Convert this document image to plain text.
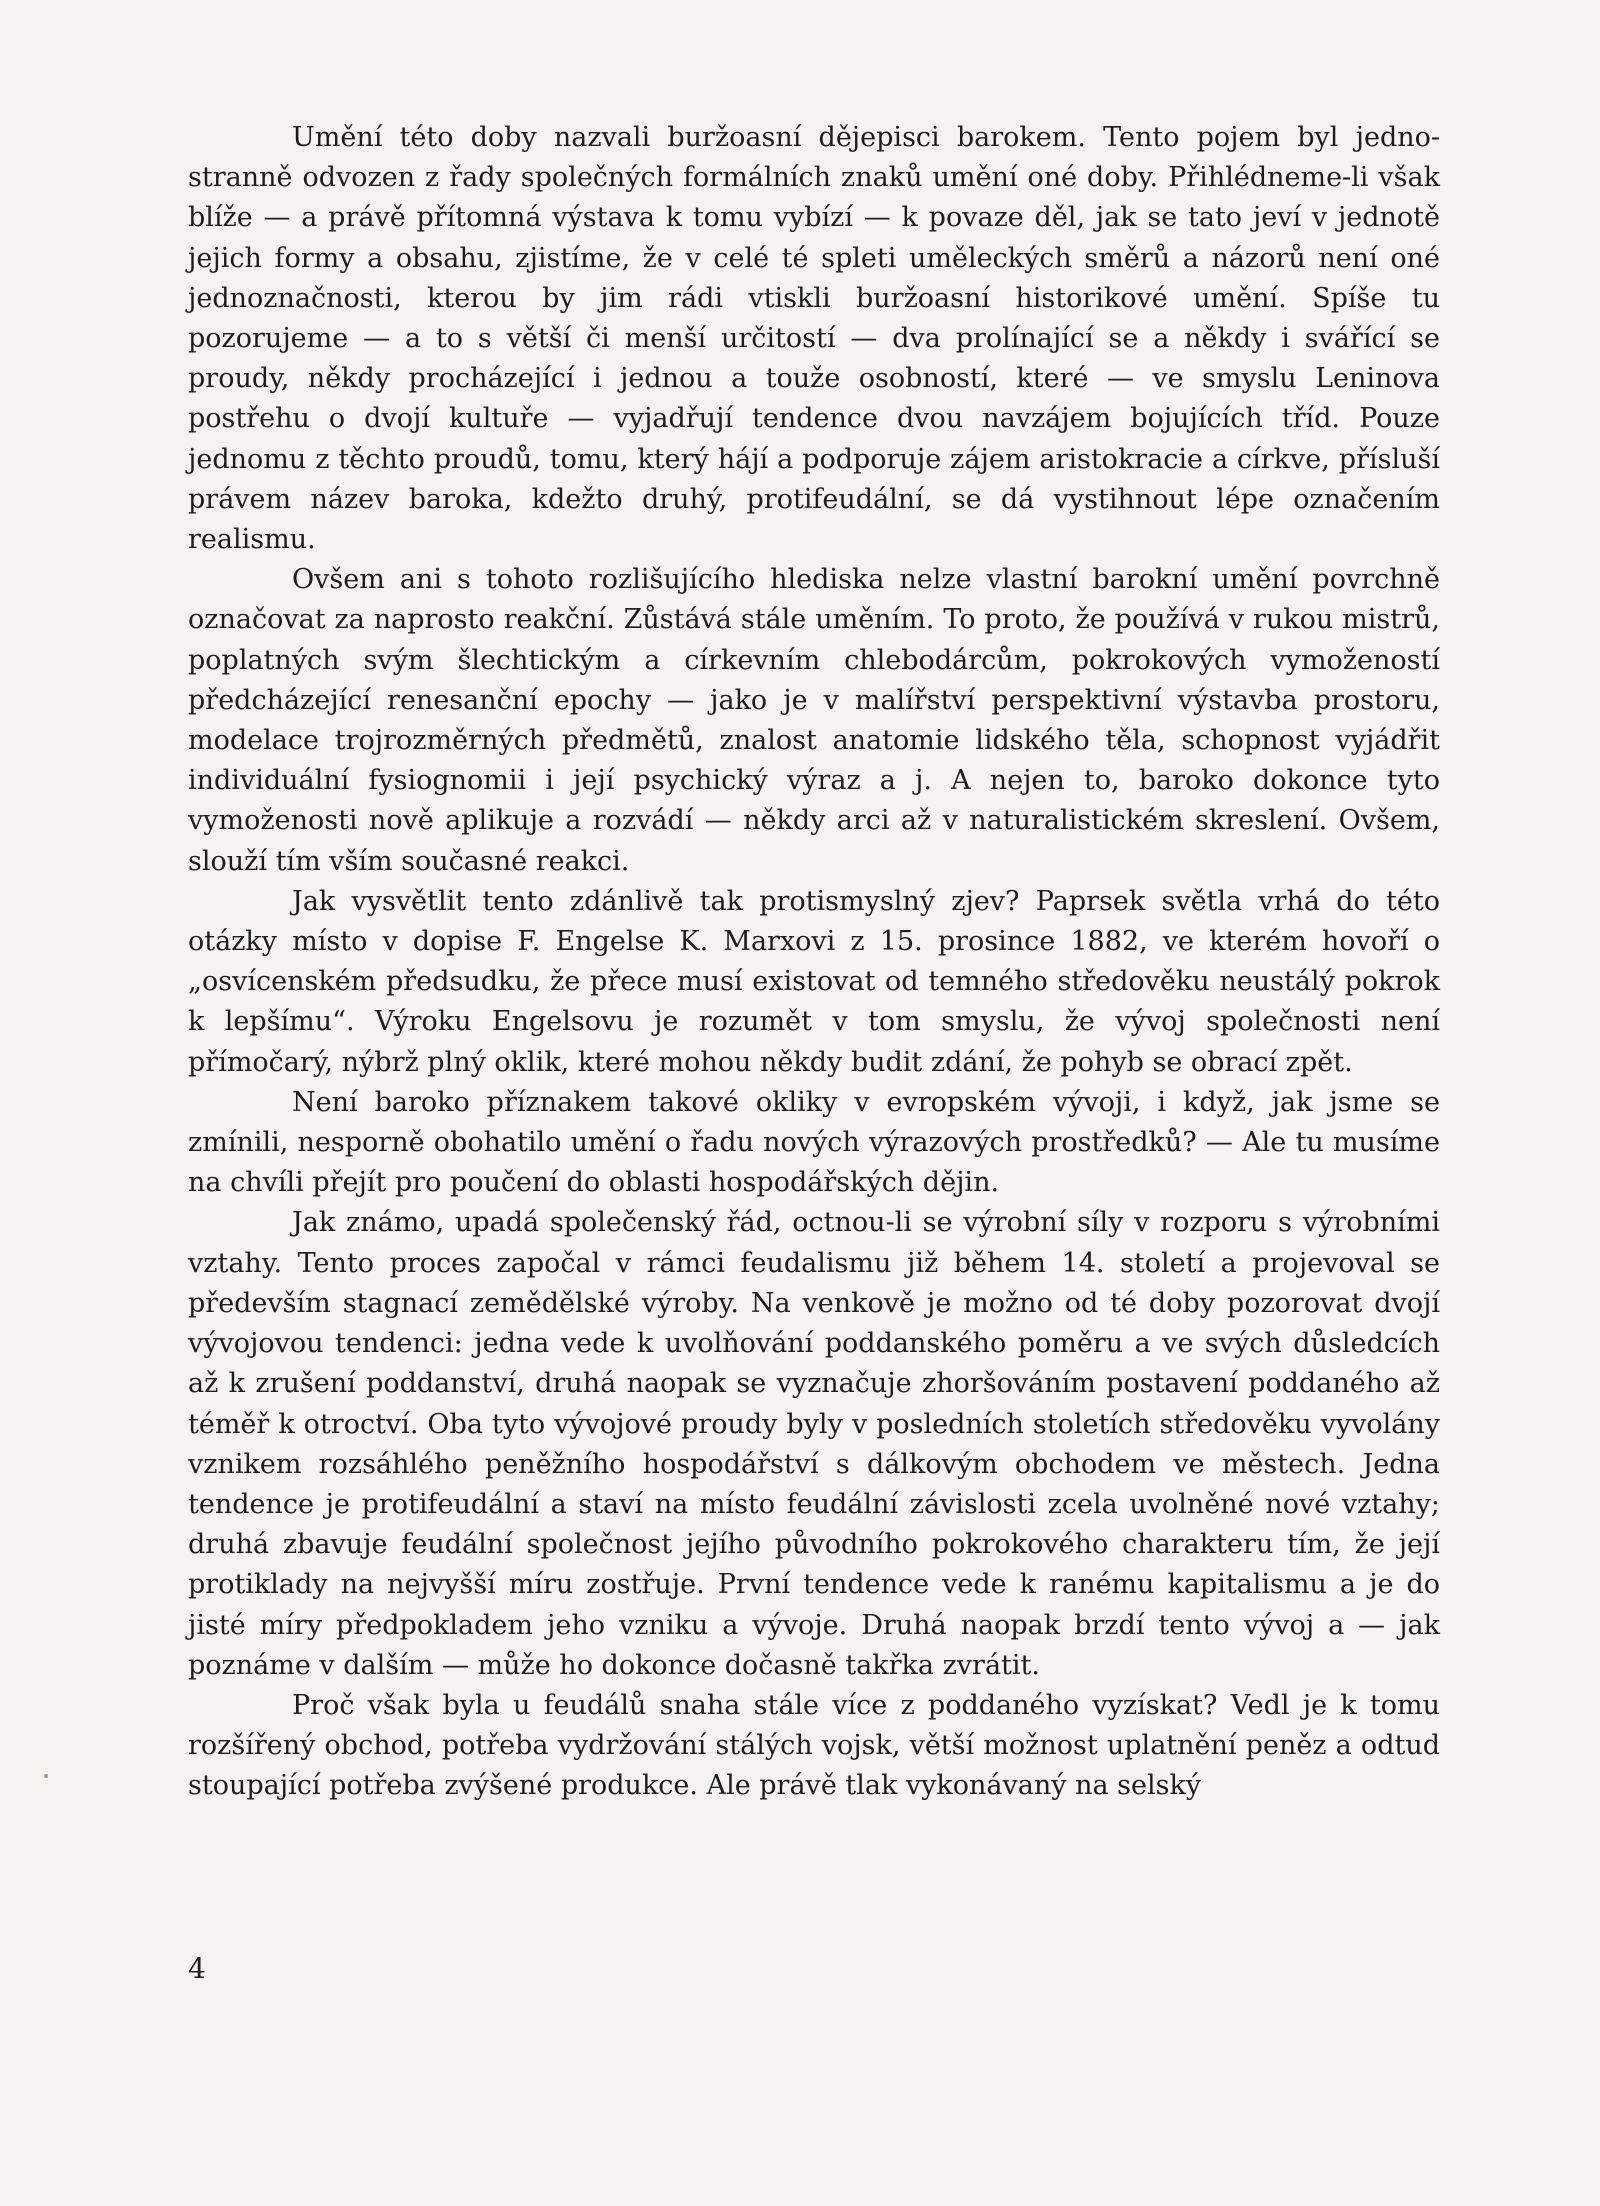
Umění této doby nazvali buržoasní dějepisci barokem. Tento pojem byl jednostranně odvozen z řady společných formálních znaků umění oné doby. Přihlédneme-li však blíže — a právě přítomná výstava k tomu vybízí — k povaze děl, jak se tato jeví v jednotě jejich formy a obsahu, zjistíme, že v celé té spleti uměleckých směrů a názorů není oné jednoznačnosti, kterou by jim rádi vtiskli buržoasní historikové umění. Spíše tu pozorujeme — a to s větší či menší určitostí — dva prolínající se a někdy i svářící se proudy, někdy procházející i jednou a touže osobností, které — ve smyslu Leninova postřehu o dvojí kultuře — vyjadřují tendence dvou navzájem bojujících tříd. Pouze jednomu z těchto proudů, tomu, který hájí a podporuje zájem aristokracie a církve, přísluší právem název baroka, kdežto druhý, protifeudální, se dá vystihnout lépe označením realismu.

Ovšem ani s tohoto rozlišujícího hlediska nelze vlastní barokní umění povrchně označovat za naprosto reakční. Zůstává stále uměním. To proto, že používá v rukou mistrů, poplatných svým šlechtickým a církevním chlebodárcům, pokrokových vymožeností předcházející renesanční epochy — jako je v malířství perspektivní výstavba prostoru, modelace trojrozměrných předmětů, znalost anatomie lidského těla, schopnost vyjádřit individuální fysiognomii i její psychický výraz a j. A nejen to, baroko dokonce tyto vymoženosti nově aplikuje a rozvádí — někdy arci až v naturalistickém skreslení. Ovšem, slouží tím vším současné reakci.

Jak vysvětlit tento zdánlivě tak protismyslný zjev? Paprsek světla vrhá do této otázky místo v dopise F. Engelse K. Marxovi z 15. prosince 1882, ve kterém hovoří o „osvícenském předsudku, že přece musí existovat od temného středověku neustálý pokrok k lepšímu“. Výroku Engelsovu je rozumět v tom smyslu, že vývoj společnosti není přímočarý, nýbrž plný oklik, které mohou někdy budit zdání, že pohyb se obrací zpět.

Není baroko příznakem takové okliky v evropském vývoji, i když, jak jsme se zmínili, nesporně obohatilo umění o řadu nových výrazových prostředků? — Ale tu musíme na chvíli přejít pro poučení do oblasti hospodářských dějin.

Jak známo, upadá společenský řád, octnou-li se výrobní síly v rozporu s výrobními vztahy. Tento proces započal v rámci feudalismu již během 14. století a projevoval se především stagnací zemědělské výroby. Na venkově je možno od té doby pozorovat dvojí vývojovou tendenci: jedna vede k uvolňování poddanského poměru a ve svých důsledcích až k zrušení poddanství, druhá naopak se vyznačuje zhoršováním postavení poddaného až téměř k otroctví. Oba tyto vývojové proudy byly v posledních stoletích středověku vyvolány vznikem rozsáhlého peněžního hospodářství s dálkovým obchodem ve městech. Jedna tendence je protifeudální a staví na místo feudální závislosti zcela uvolněné nové vztahy; druhá zbavuje feudální společnost jejího původního pokrokového charakteru tím, že její protiklady na nejvyšší míru zostřuje. První tendence vede k ranému kapitalismu a je do jisté míry předpokladem jeho vzniku a vývoje. Druhá naopak brzdí tento vývoj a — jak poznáme v dalším — může ho dokonce dočasně takřka zvrátit.

Proč však byla u feudálů snaha stále více z poddaného vyzískat? Vedl je k tomu rozšířený obchod, potřeba vydržování stálých vojsk, větší možnost uplatnění peněz a odtud stoupající potřeba zvýšené produkce. Ale právě tlak vykonávaný na selský

4
